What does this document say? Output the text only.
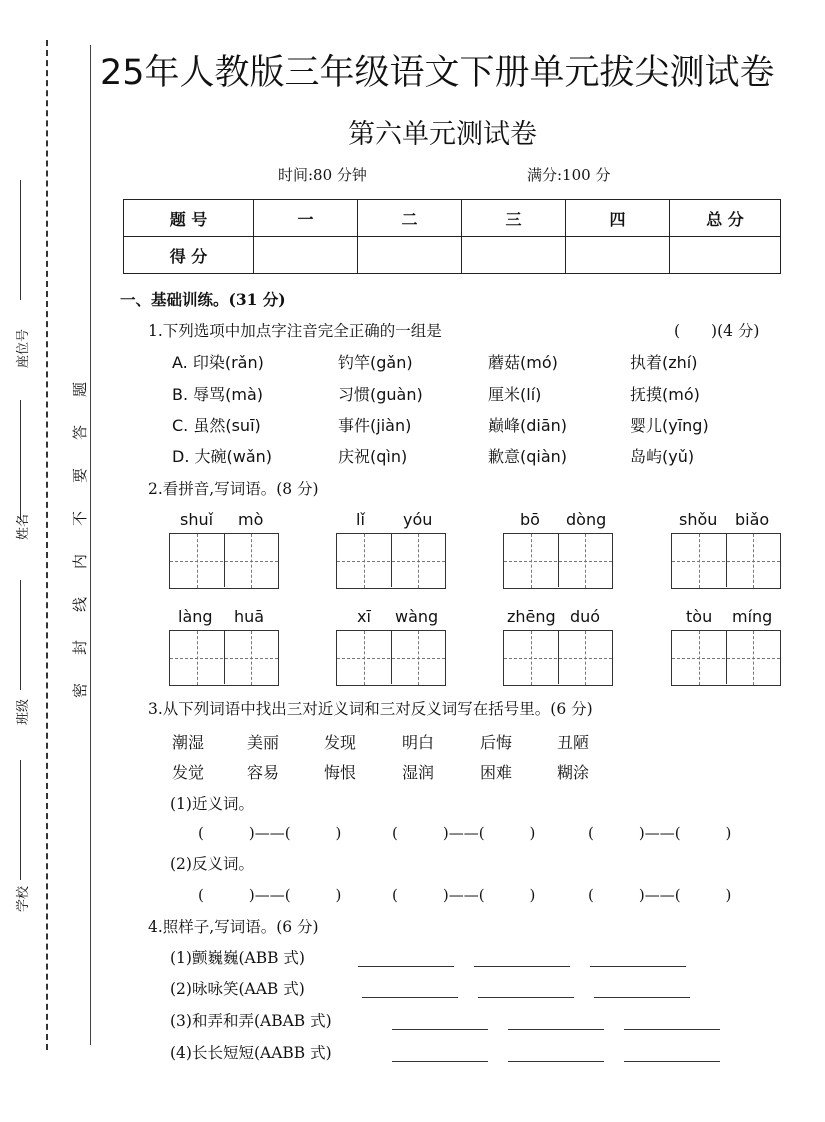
座位号
姓名
班级
学校
密
封
线
内
不
要
答
题
25年人教版三年级语文下册单元拔尖测试卷
第六单元测试卷
时间:80 分钟	满分:100 分
题 号	一	二	三	四	总 分
得 分					
一、基础训练。(31 分)
1.下列选项中加点字注音完全正确的一组是	(　　)(4 分)
A. 印染(rǎn)	钓竿(gǎn)	蘑菇(mó)	执着(zhí)
B. 辱骂(mà)	习惯(guàn)	厘米(lí)	抚摸(mó)
C. 虽然(suī)	事件(jiàn)	巅峰(diān)	婴儿(yīng)
D. 大碗(wǎn)	庆祝(qìn)	歉意(qiàn)	岛屿(yǔ)
2.看拼音,写词语。(8 分)
shuǐ mò	lǐ yóu	bō dòng	shǒu biǎo
làng huā	xī wàng	zhēng duó	tòu míng
3.从下列词语中找出三对近义词和三对反义词写在括号里。(6 分)
潮湿	美丽	发现	明白	后悔	丑陋
发觉	容易	悔恨	湿润	困难	糊涂
(1)近义词。
(　　　)——(　　　)	(　　　)——(　　　)	(　　　)——(　　　)
(2)反义词。
(　　　)——(　　　)	(　　　)——(　　　)	(　　　)——(　　　)
4.照样子,写词语。(6 分)
(1)颤巍巍(ABB 式)
(2)咏咏笑(AAB 式)
(3)和弄和弄(ABAB 式)
(4)长长短短(AABB 式)
